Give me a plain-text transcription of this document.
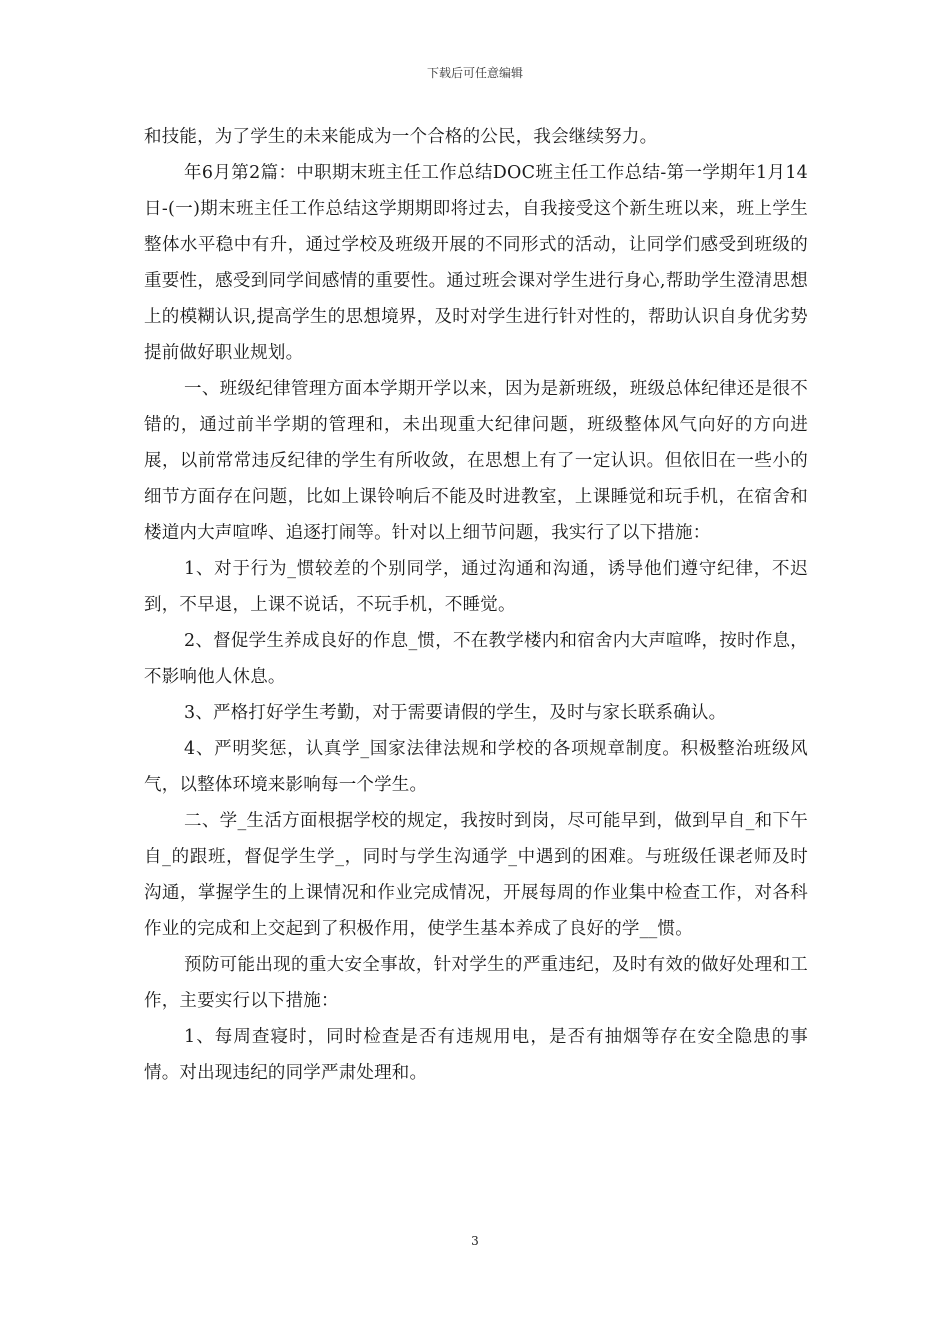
下载后可任意编辑

和技能，为了学生的未来能成为一个合格的公民，我会继续努力。

年6月第2篇：中职期末班主任工作总结DOC班主任工作总结-第一学期年1月14日-(一)期末班主任工作总结这学期期即将过去，自我接受这个新生班以来，班上学生整体水平稳中有升，通过学校及班级开展的不同形式的活动，让同学们感受到班级的重要性，感受到同学间感情的重要性。通过班会课对学生进行身心,帮助学生澄清思想上的模糊认识,提高学生的思想境界，及时对学生进行针对性的，帮助认识自身优劣势提前做好职业规划。

一、班级纪律管理方面本学期开学以来，因为是新班级，班级总体纪律还是很不错的，通过前半学期的管理和，未出现重大纪律问题，班级整体风气向好的方向进展，以前常常违反纪律的学生有所收敛，在思想上有了一定认识。但依旧在一些小的细节方面存在问题，比如上课铃响后不能及时进教室，上课睡觉和玩手机，在宿舍和楼道内大声喧哗、追逐打闹等。针对以上细节问题，我实行了以下措施：

1、对于行为_惯较差的个别同学，通过沟通和沟通，诱导他们遵守纪律，不迟到，不早退，上课不说话，不玩手机，不睡觉。

2、督促学生养成良好的作息_惯，不在教学楼内和宿舍内大声喧哗，按时作息，不影响他人休息。

3、严格打好学生考勤，对于需要请假的学生，及时与家长联系确认。

4、严明奖惩，认真学_国家法律法规和学校的各项规章制度。积极整治班级风气，以整体环境来影响每一个学生。

二、学_生活方面根据学校的规定，我按时到岗，尽可能早到，做到早自_和下午自_的跟班，督促学生学_，同时与学生沟通学_中遇到的困难。与班级任课老师及时沟通，掌握学生的上课情况和作业完成情况，开展每周的作业集中检查工作，对各科作业的完成和上交起到了积极作用，使学生基本养成了良好的学__惯。

预防可能出现的重大安全事故，针对学生的严重违纪，及时有效的做好处理和工作，主要实行以下措施：

1、每周查寝时，同时检查是否有违规用电，是否有抽烟等存在安全隐患的事情。对出现违纪的同学严肃处理和。

3
